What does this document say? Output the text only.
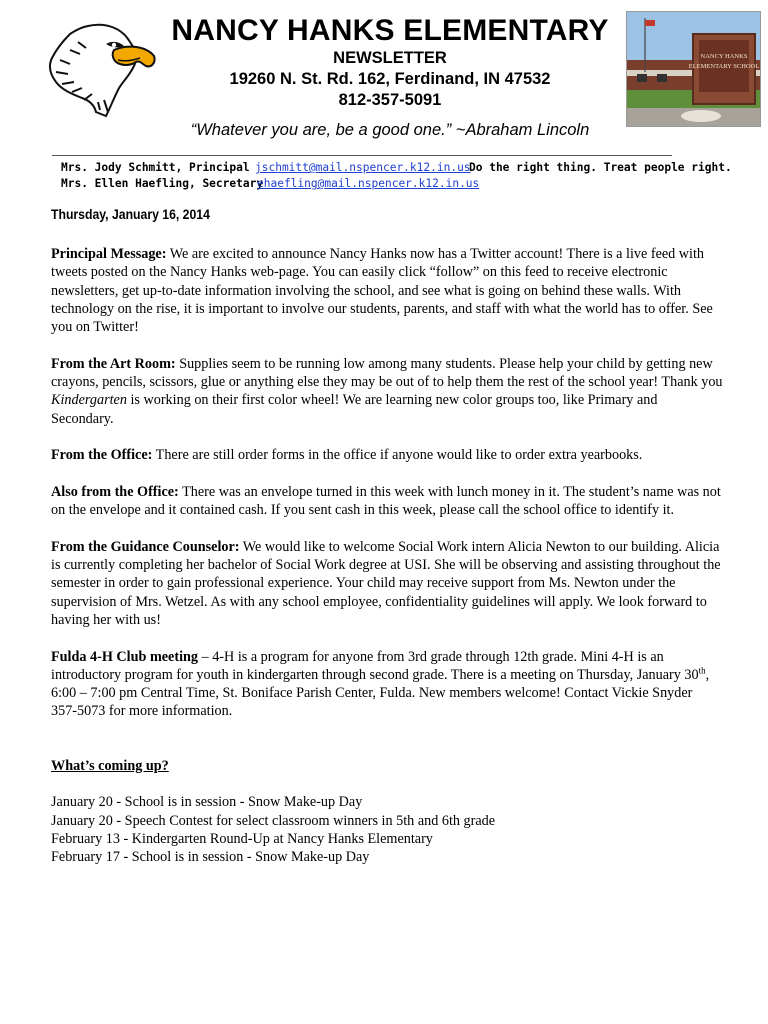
NANCY HANKS ELEMENTARY
NEWSLETTER
19260 N. St. Rd. 162, Ferdinand, IN 47532
812-357-5091
“Whatever you are, be a good one.” ~Abraham Lincoln
NANCY HANKS
ELEMENTARY SCHOOL
Mrs. Jody Schmitt, Principal jschmitt@mail.nspencer.k12.in.us
Do the right thing. Treat people right.
Mrs. Ellen Haefling, Secretary
ehaefling@mail.nspencer.k12.in.us
Thursday, January 16, 2014
Principal Message: We are excited to announce Nancy Hanks now has a Twitter account! There is a live feed with
tweets posted on the Nancy Hanks web-page. You can easily click “follow” on this feed to receive electronic
newsletters, get up-to-date information involving the school, and see what is going on behind these walls. With
technology on the rise, it is important to involve our students, parents, and staff with what the world has to offer. See
you on Twitter!
From the Art Room: Supplies seem to be running low among many students. Please help your child by getting new
crayons, pencils, scissors, glue or anything else they may be out of to help them the rest of the school year! Thank you
Kindergarten is working on their first color wheel! We are learning new color groups too, like Primary and
Secondary.
From the Office: There are still order forms in the office if anyone would like to order extra yearbooks.
Also from the Office: There was an envelope turned in this week with lunch money in it. The student’s name was not
on the envelope and it contained cash. If you sent cash in this week, please call the school office to identify it.
From the Guidance Counselor: We would like to welcome Social Work intern Alicia Newton to our building. Alicia
is currently completing her bachelor of Social Work degree at USI. She will be observing and assisting throughout the
semester in order to gain professional experience. Your child may receive support from Ms. Newton under the
supervision of Mrs. Wetzel. As with any school employee, confidentiality guidelines will apply. We look forward to
having her with us!
Fulda 4-H Club meeting – 4-H is a program for anyone from 3rd grade through 12th grade. Mini 4-H is an
introductory program for youth in kindergarten through second grade. There is a meeting on Thursday, January 30th,
6:00 – 7:00 pm Central Time, St. Boniface Parish Center, Fulda. New members welcome! Contact Vickie Snyder
357-5073 for more information.
What’s coming up?
January 20 - School is in session - Snow Make-up Day
January 20 - Speech Contest for select classroom winners in 5th and 6th grade
February 13 - Kindergarten Round-Up at Nancy Hanks Elementary
February 17 - School is in session - Snow Make-up Day
